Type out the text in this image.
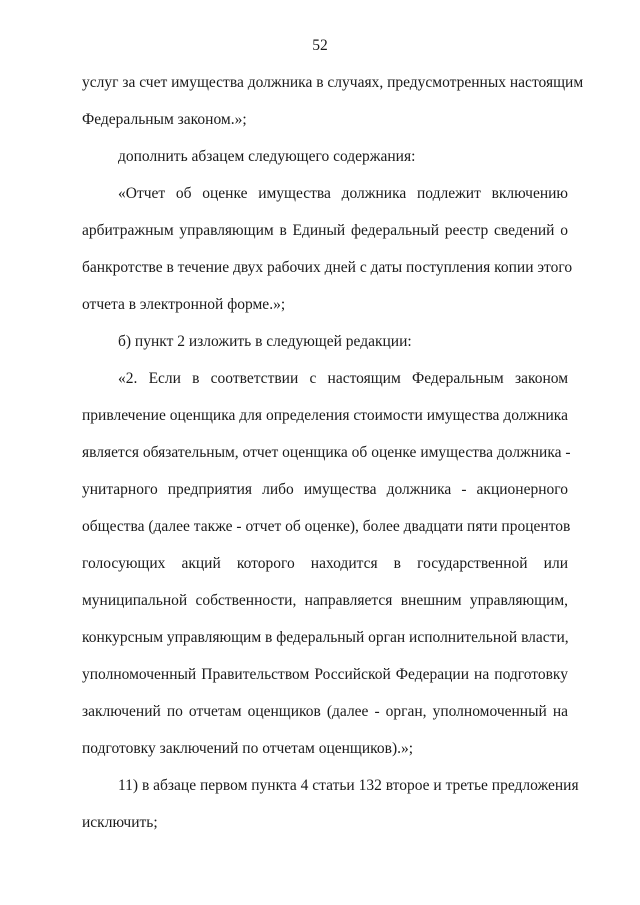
52
услуг за счет имущества должника в случаях, предусмотренных настоящим
Федеральным законом.»;
дополнить абзацем следующего содержания:
«Отчет об оценке имущества должника подлежит включению
арбитражным управляющим в Единый федеральный реестр сведений о
банкротстве в течение двух рабочих дней с даты поступления копии этого
отчета в электронной форме.»;
б) пункт 2 изложить в следующей редакции:
«2. Если в соответствии с настоящим Федеральным законом
привлечение оценщика для определения стоимости имущества должника
является обязательным, отчет оценщика об оценке имущества должника -
унитарного предприятия либо имущества должника - акционерного
общества (далее также - отчет об оценке), более двадцати пяти процентов
голосующих акций которого находится в государственной или
муниципальной собственности, направляется внешним управляющим,
конкурсным управляющим в федеральный орган исполнительной власти,
уполномоченный Правительством Российской Федерации на подготовку
заключений по отчетам оценщиков (далее - орган, уполномоченный на
подготовку заключений по отчетам оценщиков).»;
11) в абзаце первом пункта 4 статьи 132 второе и третье предложения
исключить;
